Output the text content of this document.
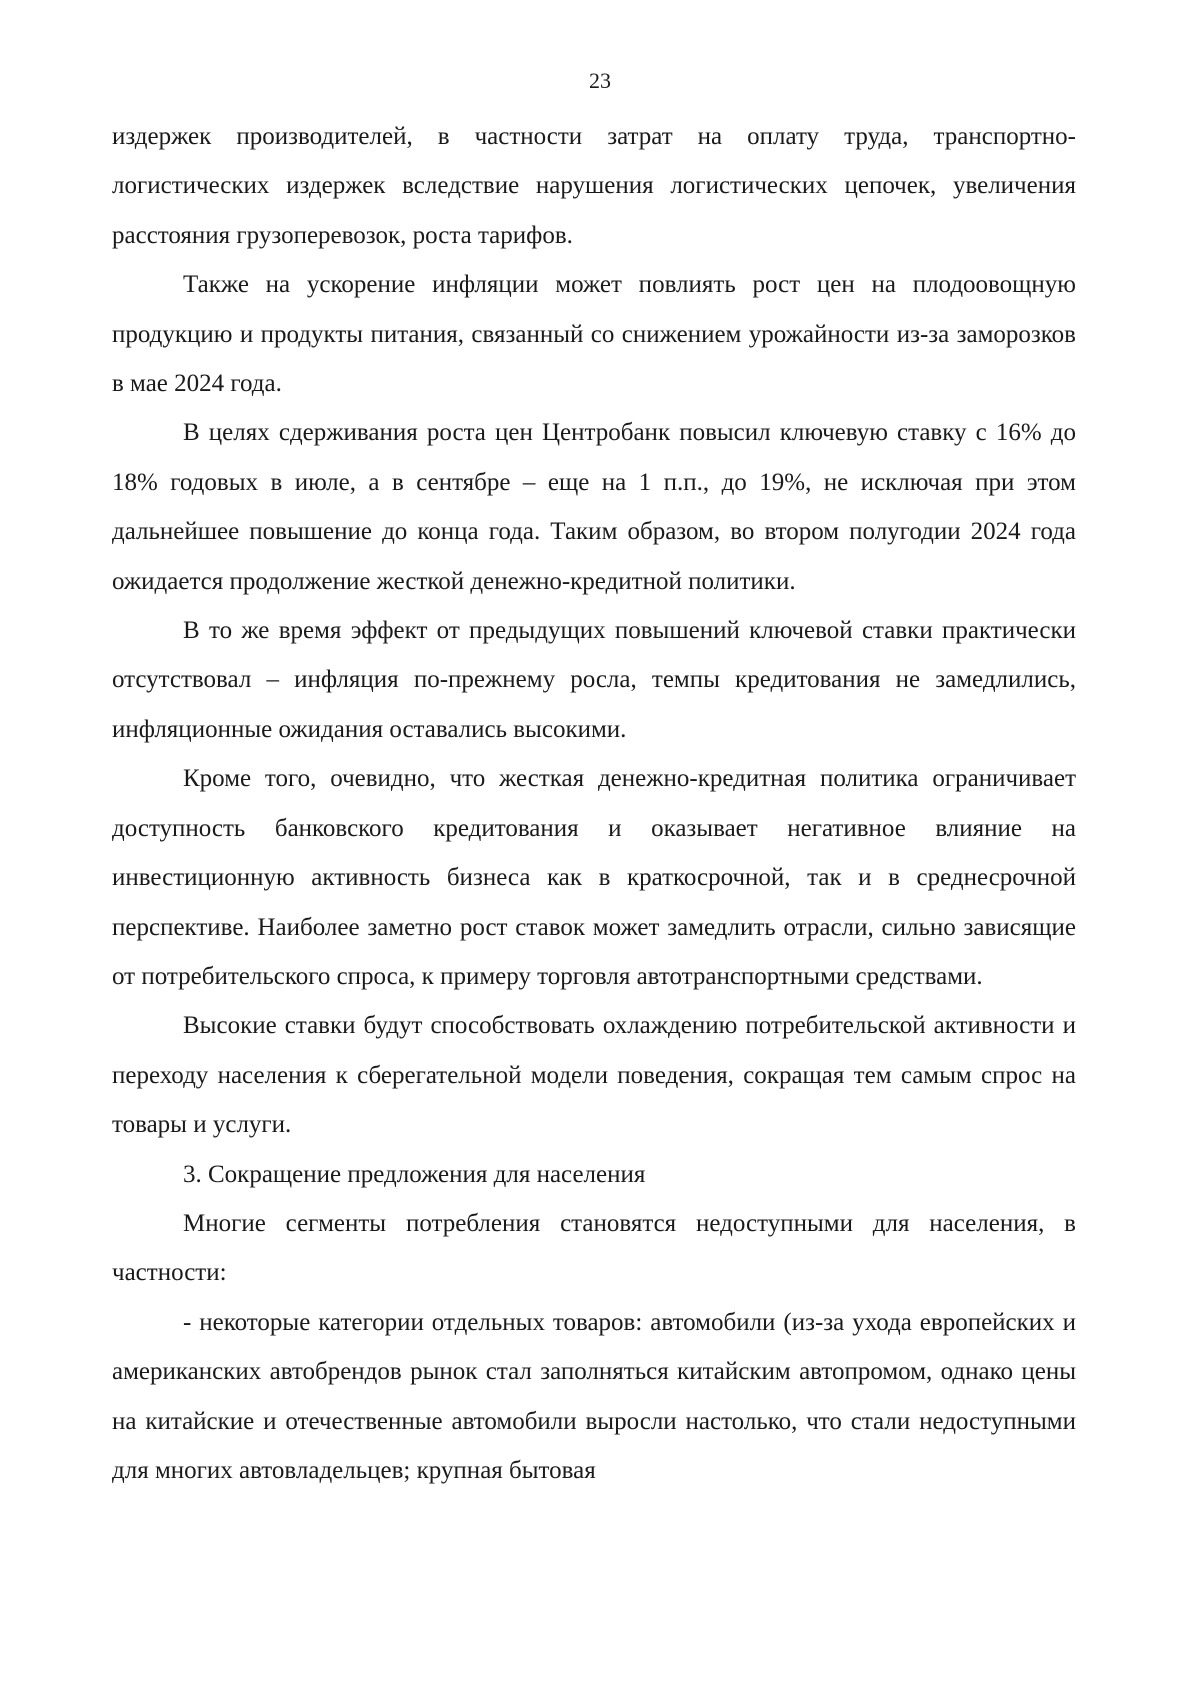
23

издержек производителей, в частности затрат на оплату труда, транспортно-логистических издержек вследствие нарушения логистических цепочек, увеличения расстояния грузоперевозок, роста тарифов.

Также на ускорение инфляции может повлиять рост цен на плодоовощную продукцию и продукты питания, связанный со снижением урожайности из-за заморозков в мае 2024 года.

В целях сдерживания роста цен Центробанк повысил ключевую ставку с 16% до 18% годовых в июле, а в сентябре – еще на 1 п.п., до 19%, не исключая при этом дальнейшее повышение до конца года. Таким образом, во втором полугодии 2024 года ожидается продолжение жесткой денежно-кредитной политики.

В то же время эффект от предыдущих повышений ключевой ставки практически отсутствовал – инфляция по-прежнему росла, темпы кредитования не замедлились, инфляционные ожидания оставались высокими.

Кроме того, очевидно, что жесткая денежно-кредитная политика ограничивает доступность банковского кредитования и оказывает негативное влияние на инвестиционную активность бизнеса как в краткосрочной, так и в среднесрочной перспективе. Наиболее заметно рост ставок может замедлить отрасли, сильно зависящие от потребительского спроса, к примеру торговля автотранспортными средствами.

Высокие ставки будут способствовать охлаждению потребительской активности и переходу населения к сберегательной модели поведения, сокращая тем самым спрос на товары и услуги.

3. Сокращение предложения для населения

Многие сегменты потребления становятся недоступными для населения, в частности:

- некоторые категории отдельных товаров: автомобили (из-за ухода европейских и американских автобрендов рынок стал заполняться китайским автопромом, однако цены на китайские и отечественные автомобили выросли настолько, что стали недоступными для многих автовладельцев; крупная бытовая
